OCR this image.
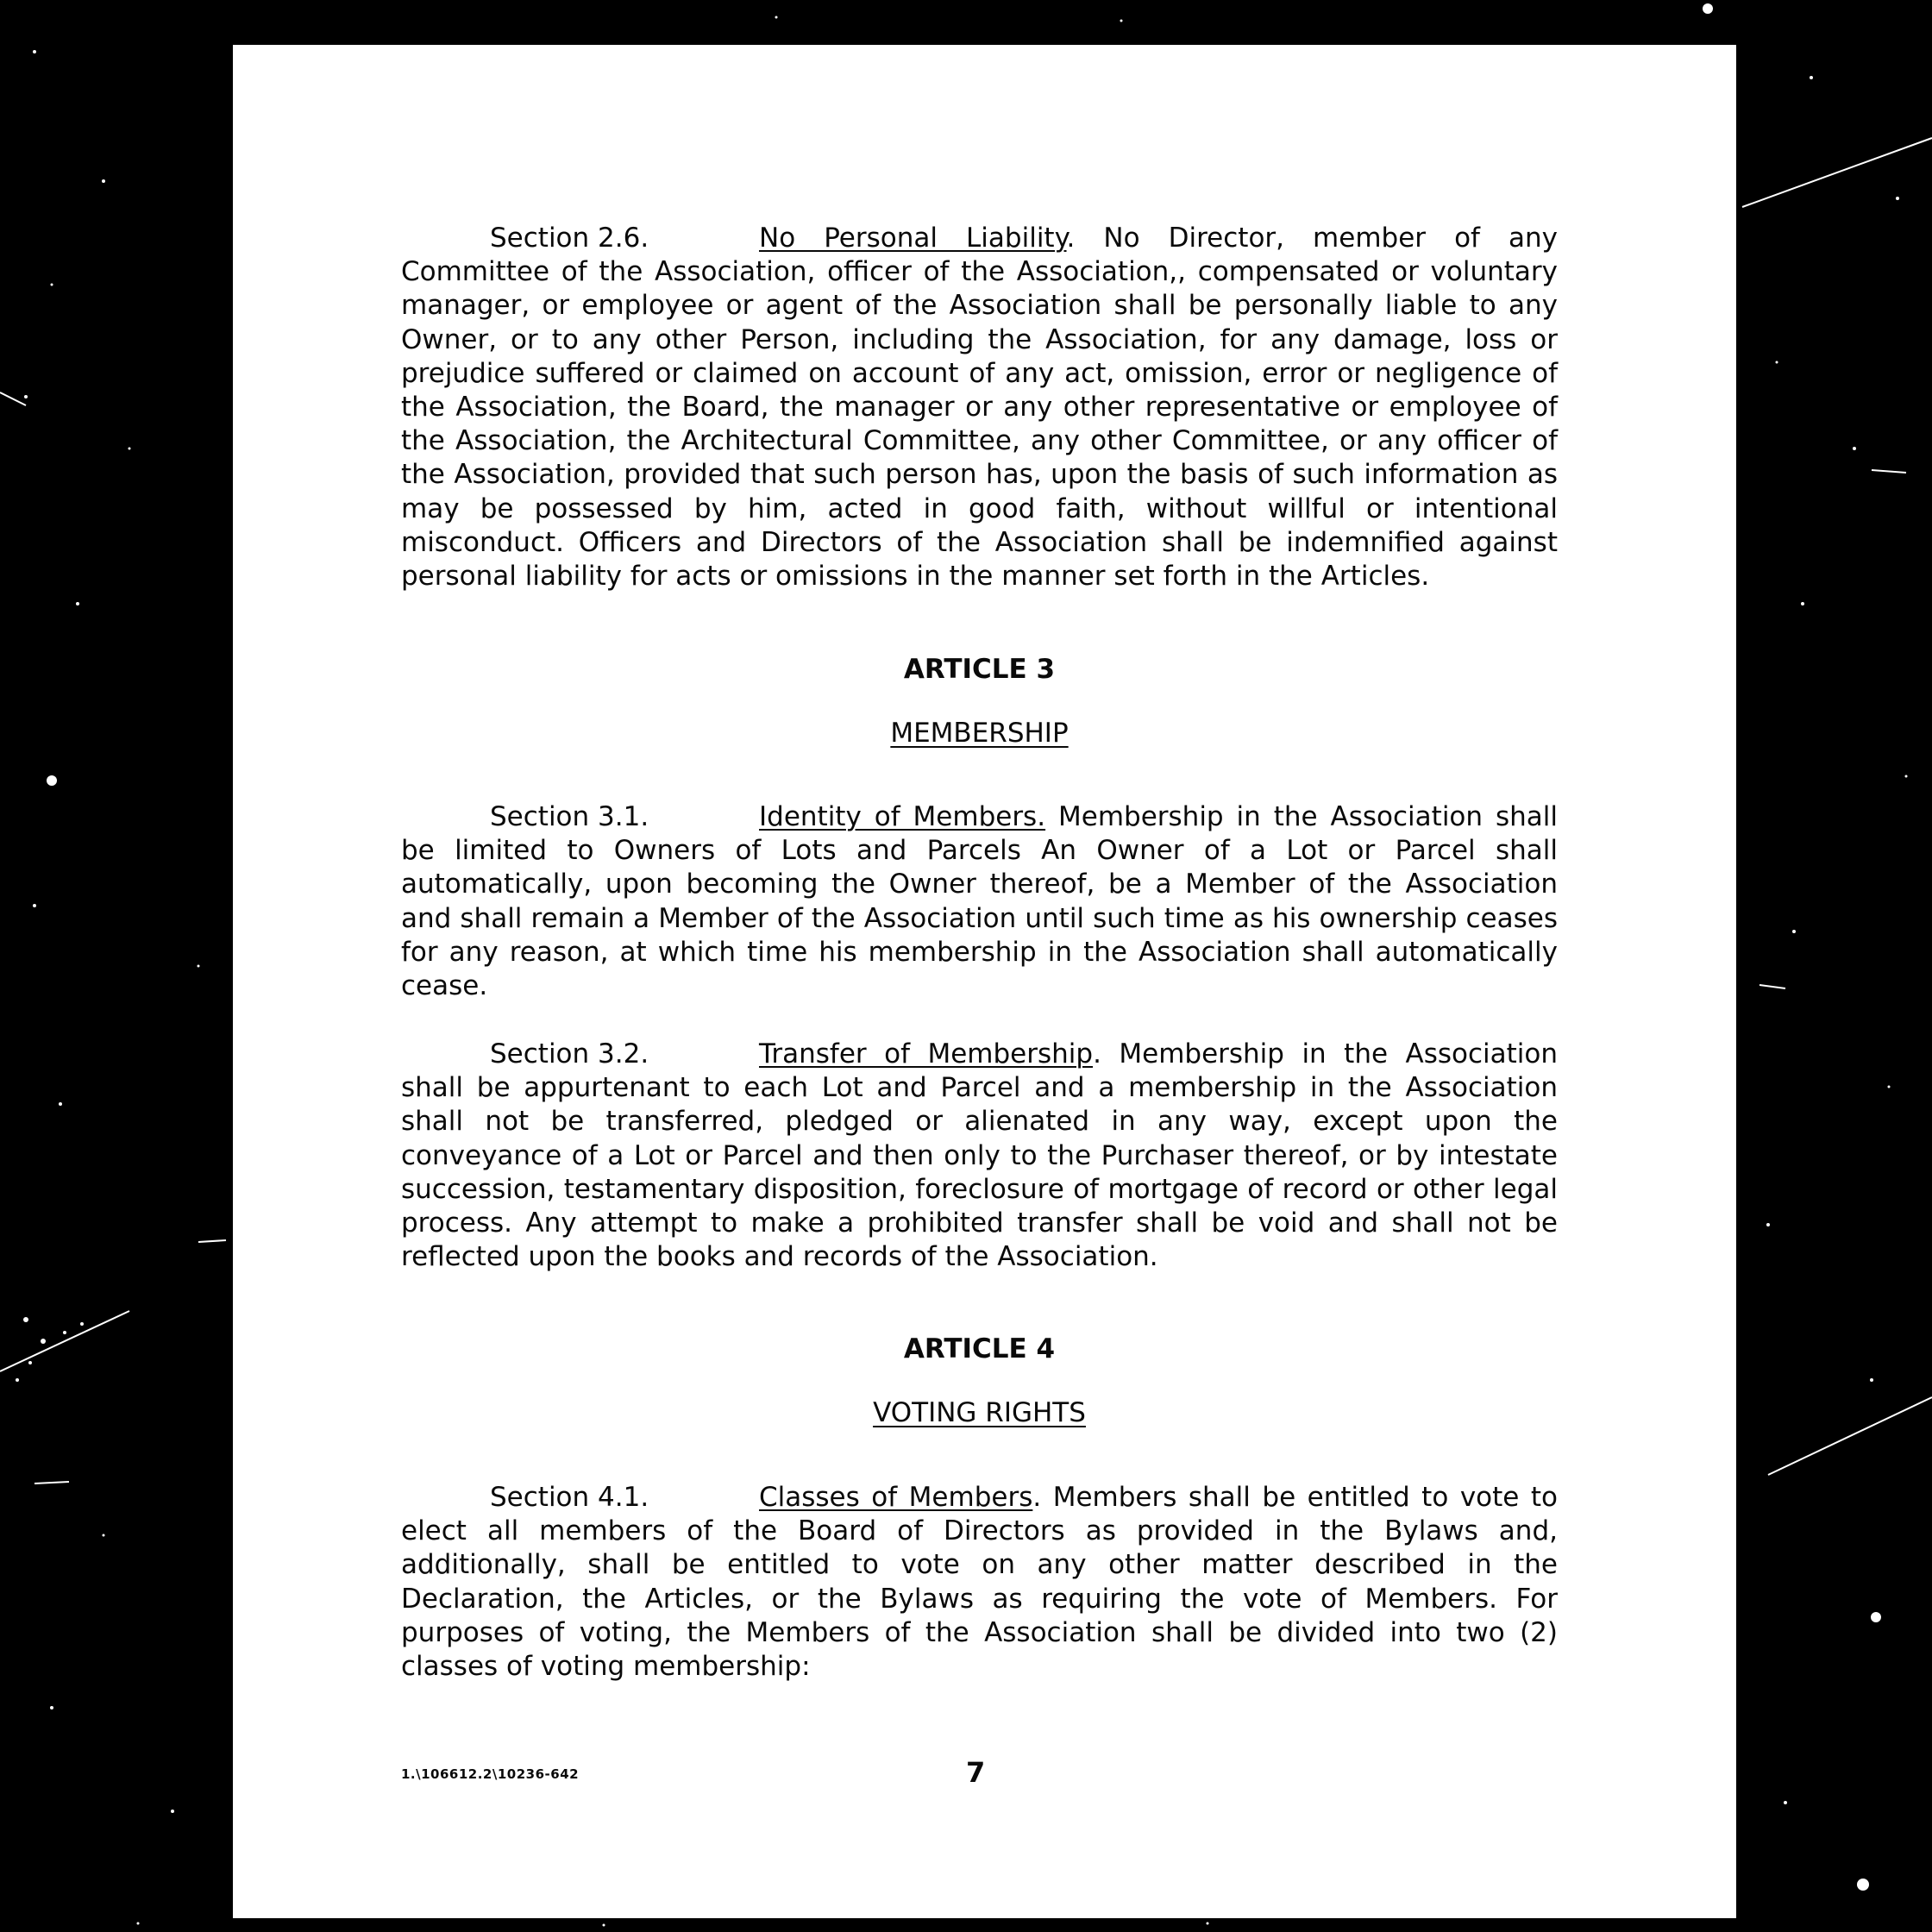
Section 2.6.	No Personal Liability. No Director, member of any Committee of the Association, officer of the Association,, compensated or voluntary manager, or employee or agent of the Association shall be personally liable to any Owner, or to any other Person, including the Association, for any damage, loss or prejudice suffered or claimed on account of any act, omission, error or negligence of the Association, the Board, the manager or any other representative or employee of the Association, the Architectural Committee, any other Committee, or any officer of the Association, provided that such person has, upon the basis of such information as may be possessed by him, acted in good faith, without willful or intentional misconduct. Officers and Directors of the Association shall be indemnified against personal liability for acts or omissions in the manner set forth in the Articles.

ARTICLE 3

MEMBERSHIP

Section 3.1.	Identity of Members. Membership in the Association shall be limited to Owners of Lots and Parcels An Owner of a Lot or Parcel shall automatically, upon becoming the Owner thereof, be a Member of the Association and shall remain a Member of the Association until such time as his ownership ceases for any reason, at which time his membership in the Association shall automatically cease.

Section 3.2.	Transfer of Membership. Membership in the Association shall be appurtenant to each Lot and Parcel and a membership in the Association shall not be transferred, pledged or alienated in any way, except upon the conveyance of a Lot or Parcel and then only to the Purchaser thereof, or by intestate succession, testamentary disposition, foreclosure of mortgage of record or other legal process. Any attempt to make a prohibited transfer shall be void and shall not be reflected upon the books and records of the Association.

ARTICLE 4

VOTING RIGHTS

Section 4.1.	Classes of Members. Members shall be entitled to vote to elect all members of the Board of Directors as provided in the Bylaws and, additionally, shall be entitled to vote on any other matter described in the Declaration, the Articles, or the Bylaws as requiring the vote of Members. For purposes of voting, the Members of the Association shall be divided into two (2) classes of voting membership:

1.\106612.2\10236-642	7
